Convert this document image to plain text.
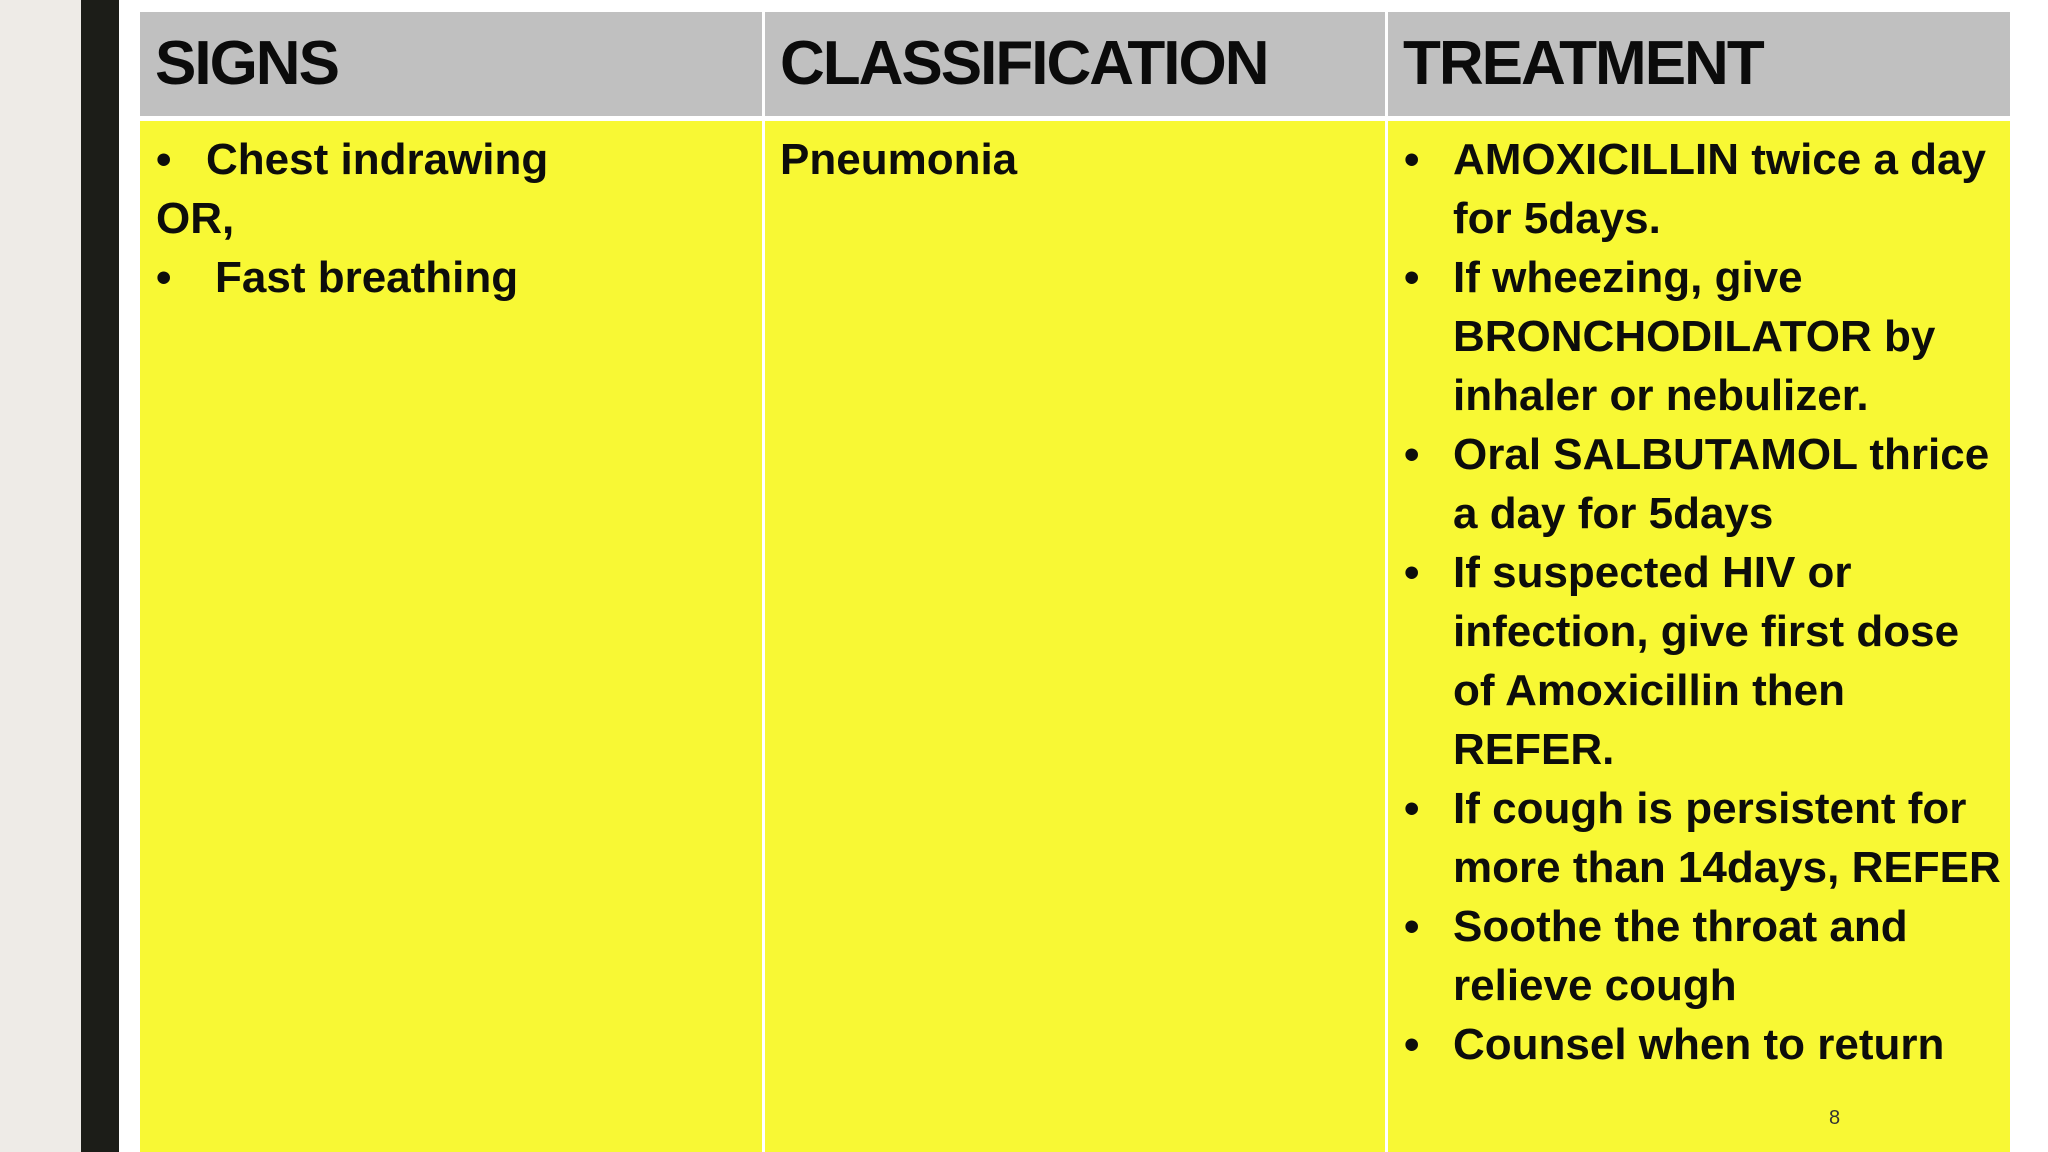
SIGNS	CLASSIFICATION TREATMENT
• Chest indrawing
OR,
• Fast breathing
Pneumonia	• AMOXICILLIN twice a day for 5days.
• If wheezing, give BRONCHODILATOR by inhaler or nebulizer.
• Oral SALBUTAMOL thrice a day for 5days
• If suspected HIV or infection, give first dose of Amoxicillin then REFER.
• If cough is persistent for more than 14days, REFER
• Soothe the throat and relieve cough
• Counsel when to return
8
